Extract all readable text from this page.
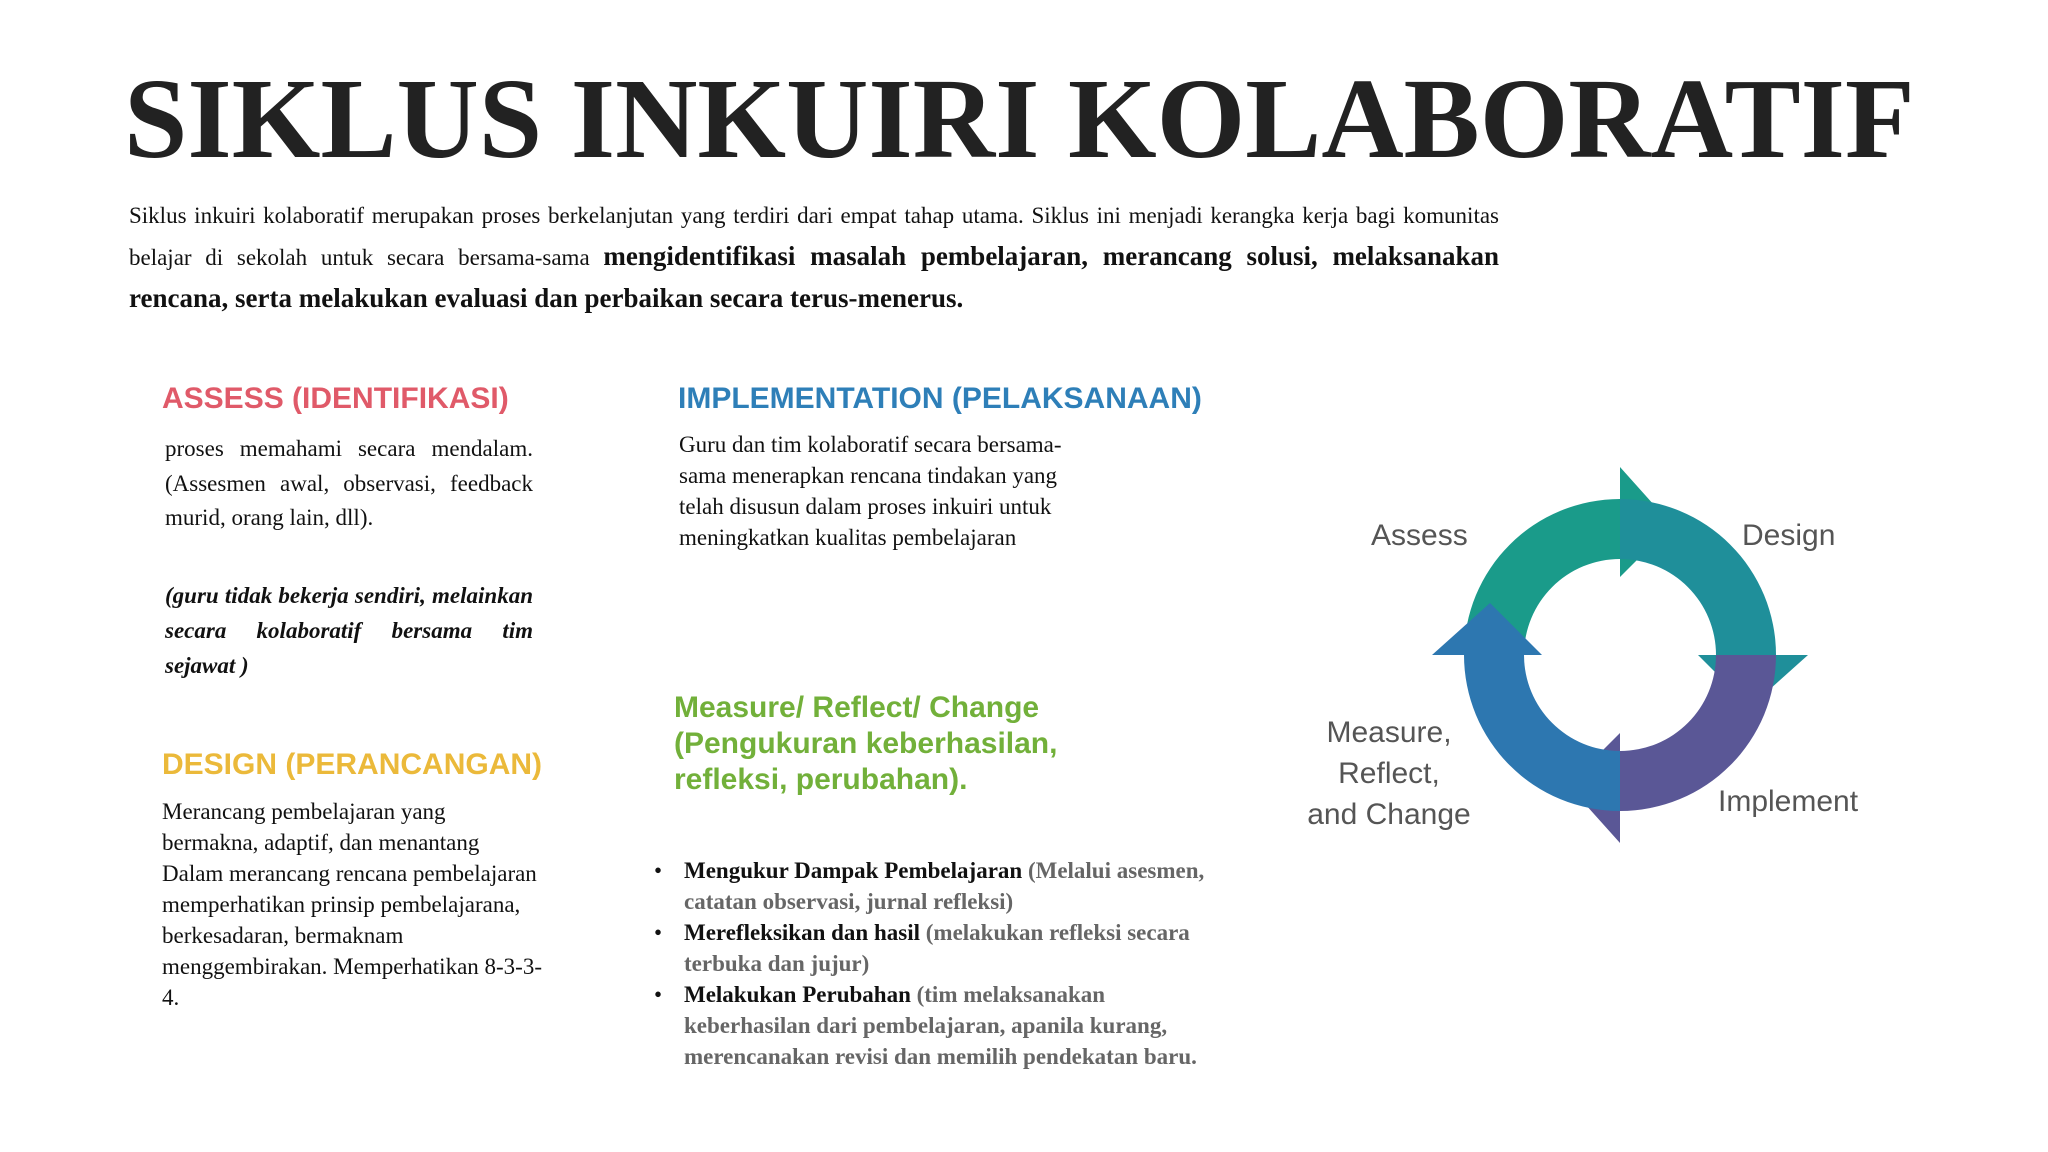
SIKLUS INKUIRI KOLABORATIF
Siklus inkuiri kolaboratif merupakan proses berkelanjutan yang terdiri dari empat tahap utama. Siklus ini menjadi kerangka kerja bagi komunitas belajar di sekolah untuk secara bersama-sama mengidentifikasi masalah pembelajaran, merancang solusi, melaksanakan rencana, serta melakukan evaluasi dan perbaikan secara terus-menerus.
ASSESS (IDENTIFIKASI)
proses memahami secara mendalam. (Assesmen awal, observasi, feedback murid, orang lain, dll).
(guru tidak bekerja sendiri, melainkan secara kolaboratif bersama tim sejawat )
DESIGN (PERANCANGAN)
Merancang pembelajaran yang bermakna, adaptif, dan menantang Dalam merancang rencana pembelajaran memperhatikan prinsip pembelajarana, berkesadaran, bermaknam menggembirakan. Memperhatikan 8-3-3-4.
IMPLEMENTATION (PELAKSANAAN)
Guru dan tim kolaboratif secara bersama-sama menerapkan rencana tindakan yang telah disusun dalam proses inkuiri untuk meningkatkan kualitas pembelajaran
Measure/ Reflect/ Change (Pengukuran keberhasilan, refleksi, perubahan).
• Mengukur Dampak Pembelajaran (Melalui asesmen, catatan observasi, jurnal refleksi)
• Merefleksikan dan hasil (melakukan refleksi secara terbuka dan jujur)
• Melakukan Perubahan (tim melaksanakan keberhasilan dari pembelajaran, apanila kurang, merencanakan revisi dan memilih pendekatan baru.
Assess	Design
Implement
Measure,
Reflect,
and Change
